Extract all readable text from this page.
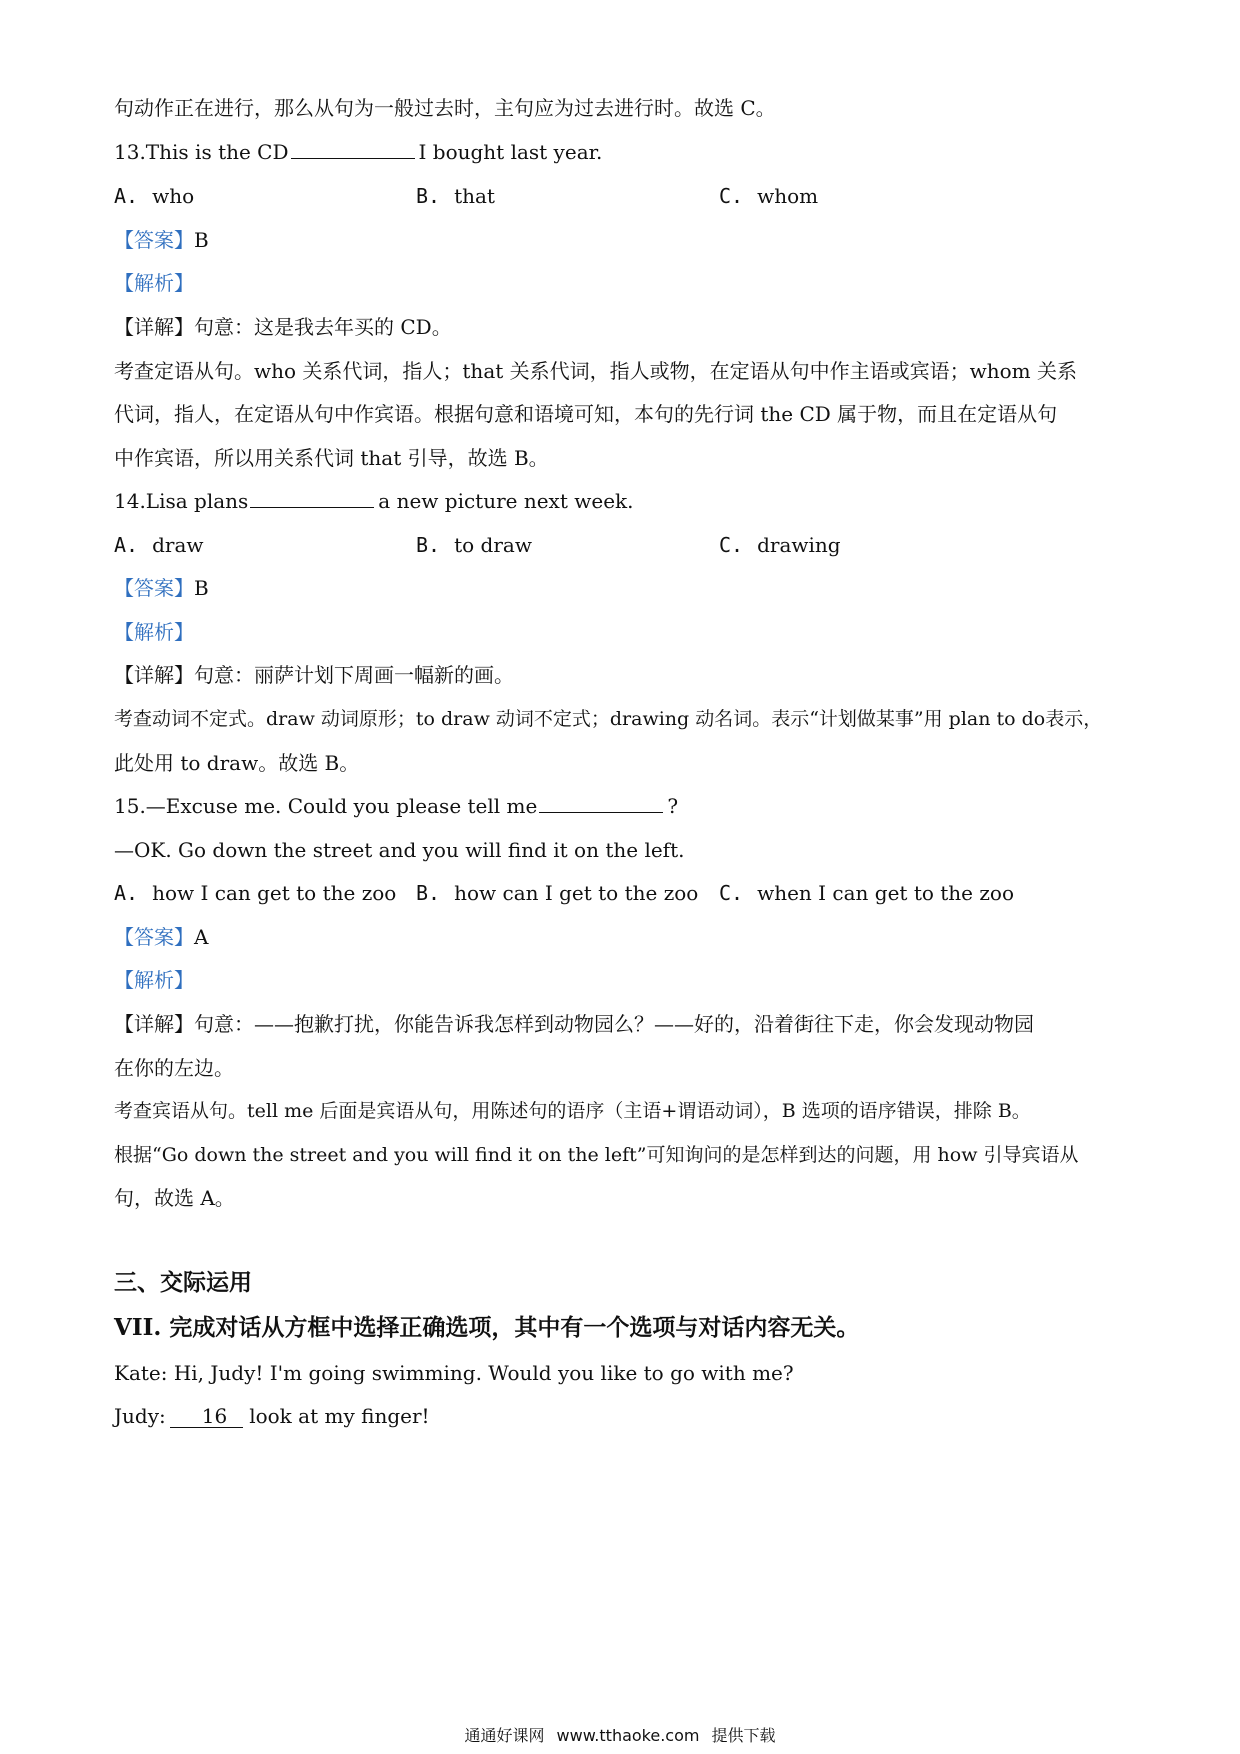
句动作正在进行，那么从句为一般过去时，主句应为过去进行时。故选 C。
13.This is the CD	I bought last year.
A. who	B. that	C. whom
【答案】B
【解析】
【详解】句意：这是我去年买的 CD。
考查定语从句。who 关系代词，指人；that 关系代词，指人或物，在定语从句中作主语或宾语；whom 关系
代词，指人，在定语从句中作宾语。根据句意和语境可知，本句的先行词 the CD 属于物，而且在定语从句
中作宾语，所以用关系代词 that 引导，故选 B。
14.Lisa plans	a new picture next week.
A. draw	B. to draw	C. drawing
【答案】B
【解析】
【详解】句意：丽萨计划下周画一幅新的画。
考查动词不定式。draw 动词原形；to draw 动词不定式；drawing 动名词。表示“计划做某事”用 plan to do表示，
此处用 to draw。故选 B。
15.—Excuse me. Could you please tell me	?
—OK. Go down the street and you will find it on the left.
A. how I can get to the zoo B. how can I get to the zoo C. when I can get to the zoo
【答案】A
【解析】
【详解】句意：——抱歉打扰，你能告诉我怎样到动物园么？——好的，沿着街往下走，你会发现动物园
在你的左边。
考查宾语从句。tell me 后面是宾语从句，用陈述句的语序（主语+谓语动词），B 选项的语序错误，排除 B。
根据“Go down the street and you will find it on the left”可知询问的是怎样到达的问题，用 how 引导宾语从
句，故选 A。
三、交际运用
VII. 完成对话从方框中选择正确选项，其中有一个选项与对话内容无关。
Kate: Hi, Judy! I'm going swimming. Would you like to go with me?
Judy: 16 look at my finger!
通通好课网 www.tthaoke.com 提供下载
